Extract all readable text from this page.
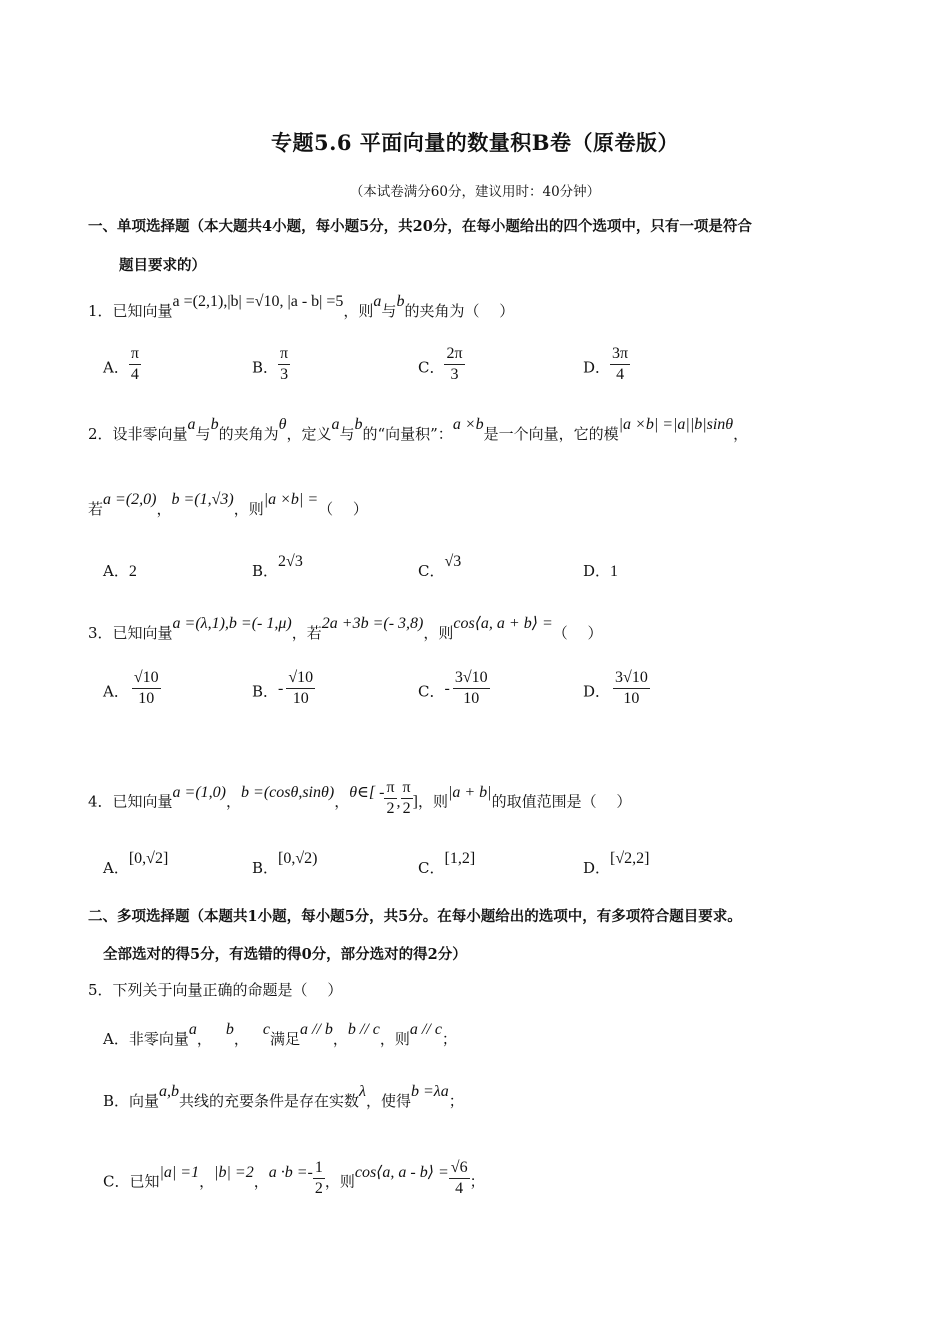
专题5.6 平面向量的数量积B卷（原卷版）
（本试卷满分60分，建议用时：40分钟）
一、单项选择题（本大题共4小题，每小题5分，共20分，在每小题给出的四个选项中，只有一项是符合
题目要求的）
1．已知向量a =(2,1),|b| =√10, |a - b| =5，则a与b的夹角为（　 ）
A． $\frac{\pi}{4}$	B． $\frac{\pi}{3}$	C． $\frac{2\pi}{3}$	D． $\frac{3\pi}{4}$
2．设非零向量a与b的夹角为θ，定义a与b的“向量积”：a ×b是一个向量，它的模|a ×b| =|a||b|sinθ，
若a =(2,0)，b =(1,√3)，则|a ×b| =（　 ）
A．2	B．2√3
C．√3
D．1
3．已知向量a =(λ,1),b =(- 1,μ)，若2a +3b =(- 3,8)，则cos⟨a, a + b⟩ =（　 ）
A． $\frac{√10}{10}$	B．- $\frac{√10}{10}$	C．- $\frac{3√10}{10}$	D． $\frac{3√10}{10}$
4．已知向量a =(1,0)，b =(cosθ,sinθ)，θ∈[ - $\frac{\pi}{2}$ , $\frac{\pi}{2}$ ]，则|a + b|的取值范围是（　 ）
A．[0,√2]
B．[0,√2)
C．[1,2]
D．[√2,2]
二、多项选择题（本题共1小题，每小题5分，共5分。在每小题给出的选项中，有多项符合题目要求。
全部选对的得5分，有选错的得0分，部分选对的得2分）
5．下列关于向量正确的命题是（　 ）
A．非零向量a，b，c满足a // b，b // c，则a // c；
B．向量a,b共线的充要条件是存在实数λ，使得b =λa；
C．已知|a| =1，|b| =2，$a \cdot b =- \frac{1}{2}$ ，则cos⟨a, a - b⟩ = $\frac{√6}{4}$ ；
